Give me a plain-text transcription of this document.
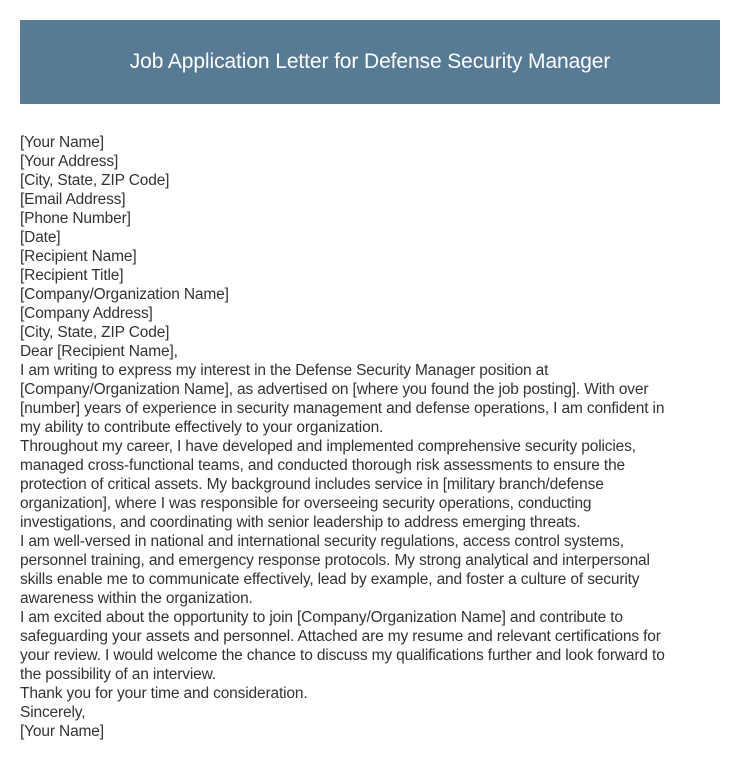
Job Application Letter for Defense Security Manager
[Your Name]
[Your Address]
[City, State, ZIP Code]
[Email Address]
[Phone Number]
[Date]
[Recipient Name]
[Recipient Title]
[Company/Organization Name]
[Company Address]
[City, State, ZIP Code]
Dear [Recipient Name],
I am writing to express my interest in the Defense Security Manager position at
[Company/Organization Name], as advertised on [where you found the job posting]. With over
[number] years of experience in security management and defense operations, I am confident in
my ability to contribute effectively to your organization.
Throughout my career, I have developed and implemented comprehensive security policies,
managed cross-functional teams, and conducted thorough risk assessments to ensure the
protection of critical assets. My background includes service in [military branch/defense
organization], where I was responsible for overseeing security operations, conducting
investigations, and coordinating with senior leadership to address emerging threats.
I am well-versed in national and international security regulations, access control systems,
personnel training, and emergency response protocols. My strong analytical and interpersonal
skills enable me to communicate effectively, lead by example, and foster a culture of security
awareness within the organization.
I am excited about the opportunity to join [Company/Organization Name] and contribute to
safeguarding your assets and personnel. Attached are my resume and relevant certifications for
your review. I would welcome the chance to discuss my qualifications further and look forward to
the possibility of an interview.
Thank you for your time and consideration.
Sincerely,
[Your Name]
